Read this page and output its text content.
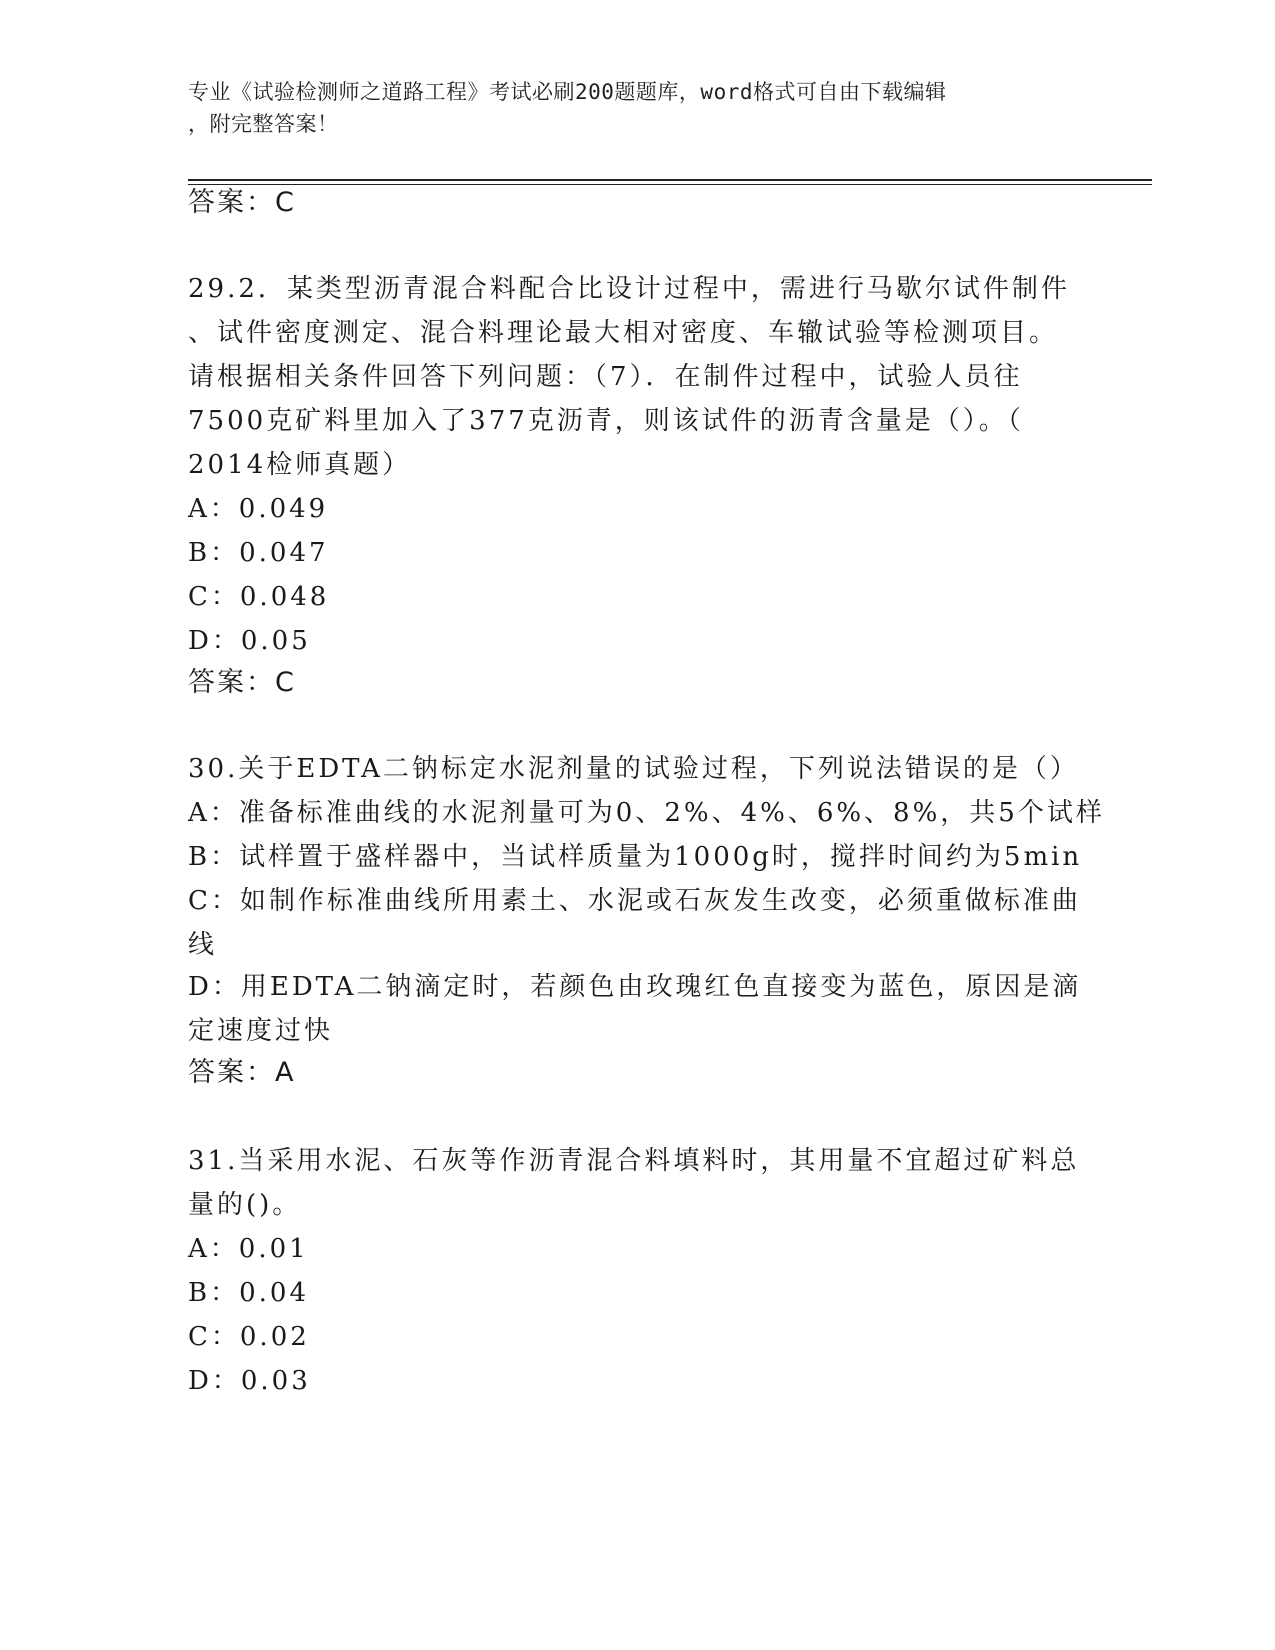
专业《试验检测师之道路工程》考试必刷200题题库，word格式可自由下载编辑
，附完整答案！
答案：C
29.2．某类型沥青混合料配合比设计过程中，需进行马歇尔试件制件
、试件密度测定、混合料理论最大相对密度、车辙试验等检测项目。
请根据相关条件回答下列问题：（7）．在制件过程中，试验人员往
7500克矿料里加入了377克沥青，则该试件的沥青含量是（）。（
2014检师真题）
A：0.049
B：0.047
C：0.048
D：0.05
答案：C
30.关于EDTA二钠标定水泥剂量的试验过程，下列说法错误的是（）
A：准备标准曲线的水泥剂量可为0、2%、4%、6%、8%，共5个试样
B：试样置于盛样器中，当试样质量为1000g时，搅拌时间约为5min
C：如制作标准曲线所用素土、水泥或石灰发生改变，必须重做标准曲
线
D：用EDTA二钠滴定时，若颜色由玫瑰红色直接变为蓝色，原因是滴
定速度过快
答案：A
31.当采用水泥、石灰等作沥青混合料填料时，其用量不宜超过矿料总
量的()。
A：0.01
B：0.04
C：0.02
D：0.03
